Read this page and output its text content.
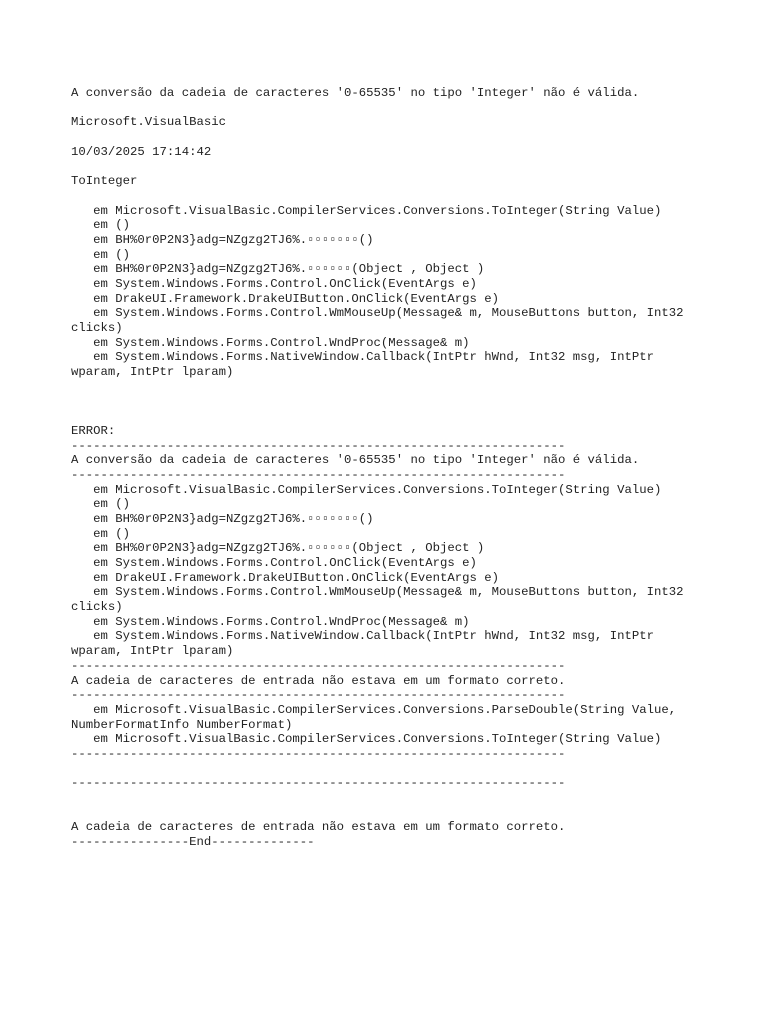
A conversão da cadeia de caracteres '0-65535' no tipo 'Integer' não é válida.
Microsoft.VisualBasic
10/03/2025 17:14:42
ToInteger
em Microsoft.VisualBasic.CompilerServices.Conversions.ToInteger(String Value)
em ()
em BH%0r0P2N3}adg=NZgzg2TJ6%.▫▫▫▫▫▫▫()
em ()
em BH%0r0P2N3}adg=NZgzg2TJ6%.▫▫▫▫▫▫(Object , Object )
em System.Windows.Forms.Control.OnClick(EventArgs e)
em DrakeUI.Framework.DrakeUIButton.OnClick(EventArgs e)
em System.Windows.Forms.Control.WmMouseUp(Message& m, MouseButtons button, Int32
clicks)
em System.Windows.Forms.Control.WndProc(Message& m)
em System.Windows.Forms.NativeWindow.Callback(IntPtr hWnd, Int32 msg, IntPtr
wparam, IntPtr lparam)
ERROR:
-------------------------------------------------------------------
A conversão da cadeia de caracteres '0-65535' no tipo 'Integer' não é válida.
-------------------------------------------------------------------
em Microsoft.VisualBasic.CompilerServices.Conversions.ToInteger(String Value)
em ()
em BH%0r0P2N3}adg=NZgzg2TJ6%.▫▫▫▫▫▫▫()
em ()
em BH%0r0P2N3}adg=NZgzg2TJ6%.▫▫▫▫▫▫(Object , Object )
em System.Windows.Forms.Control.OnClick(EventArgs e)
em DrakeUI.Framework.DrakeUIButton.OnClick(EventArgs e)
em System.Windows.Forms.Control.WmMouseUp(Message& m, MouseButtons button, Int32
clicks)
em System.Windows.Forms.Control.WndProc(Message& m)
em System.Windows.Forms.NativeWindow.Callback(IntPtr hWnd, Int32 msg, IntPtr
wparam, IntPtr lparam)
-------------------------------------------------------------------
A cadeia de caracteres de entrada não estava em um formato correto.
-------------------------------------------------------------------
em Microsoft.VisualBasic.CompilerServices.Conversions.ParseDouble(String Value,
NumberFormatInfo NumberFormat)
em Microsoft.VisualBasic.CompilerServices.Conversions.ToInteger(String Value)
-------------------------------------------------------------------
-------------------------------------------------------------------
A cadeia de caracteres de entrada não estava em um formato correto.
----------------End--------------
